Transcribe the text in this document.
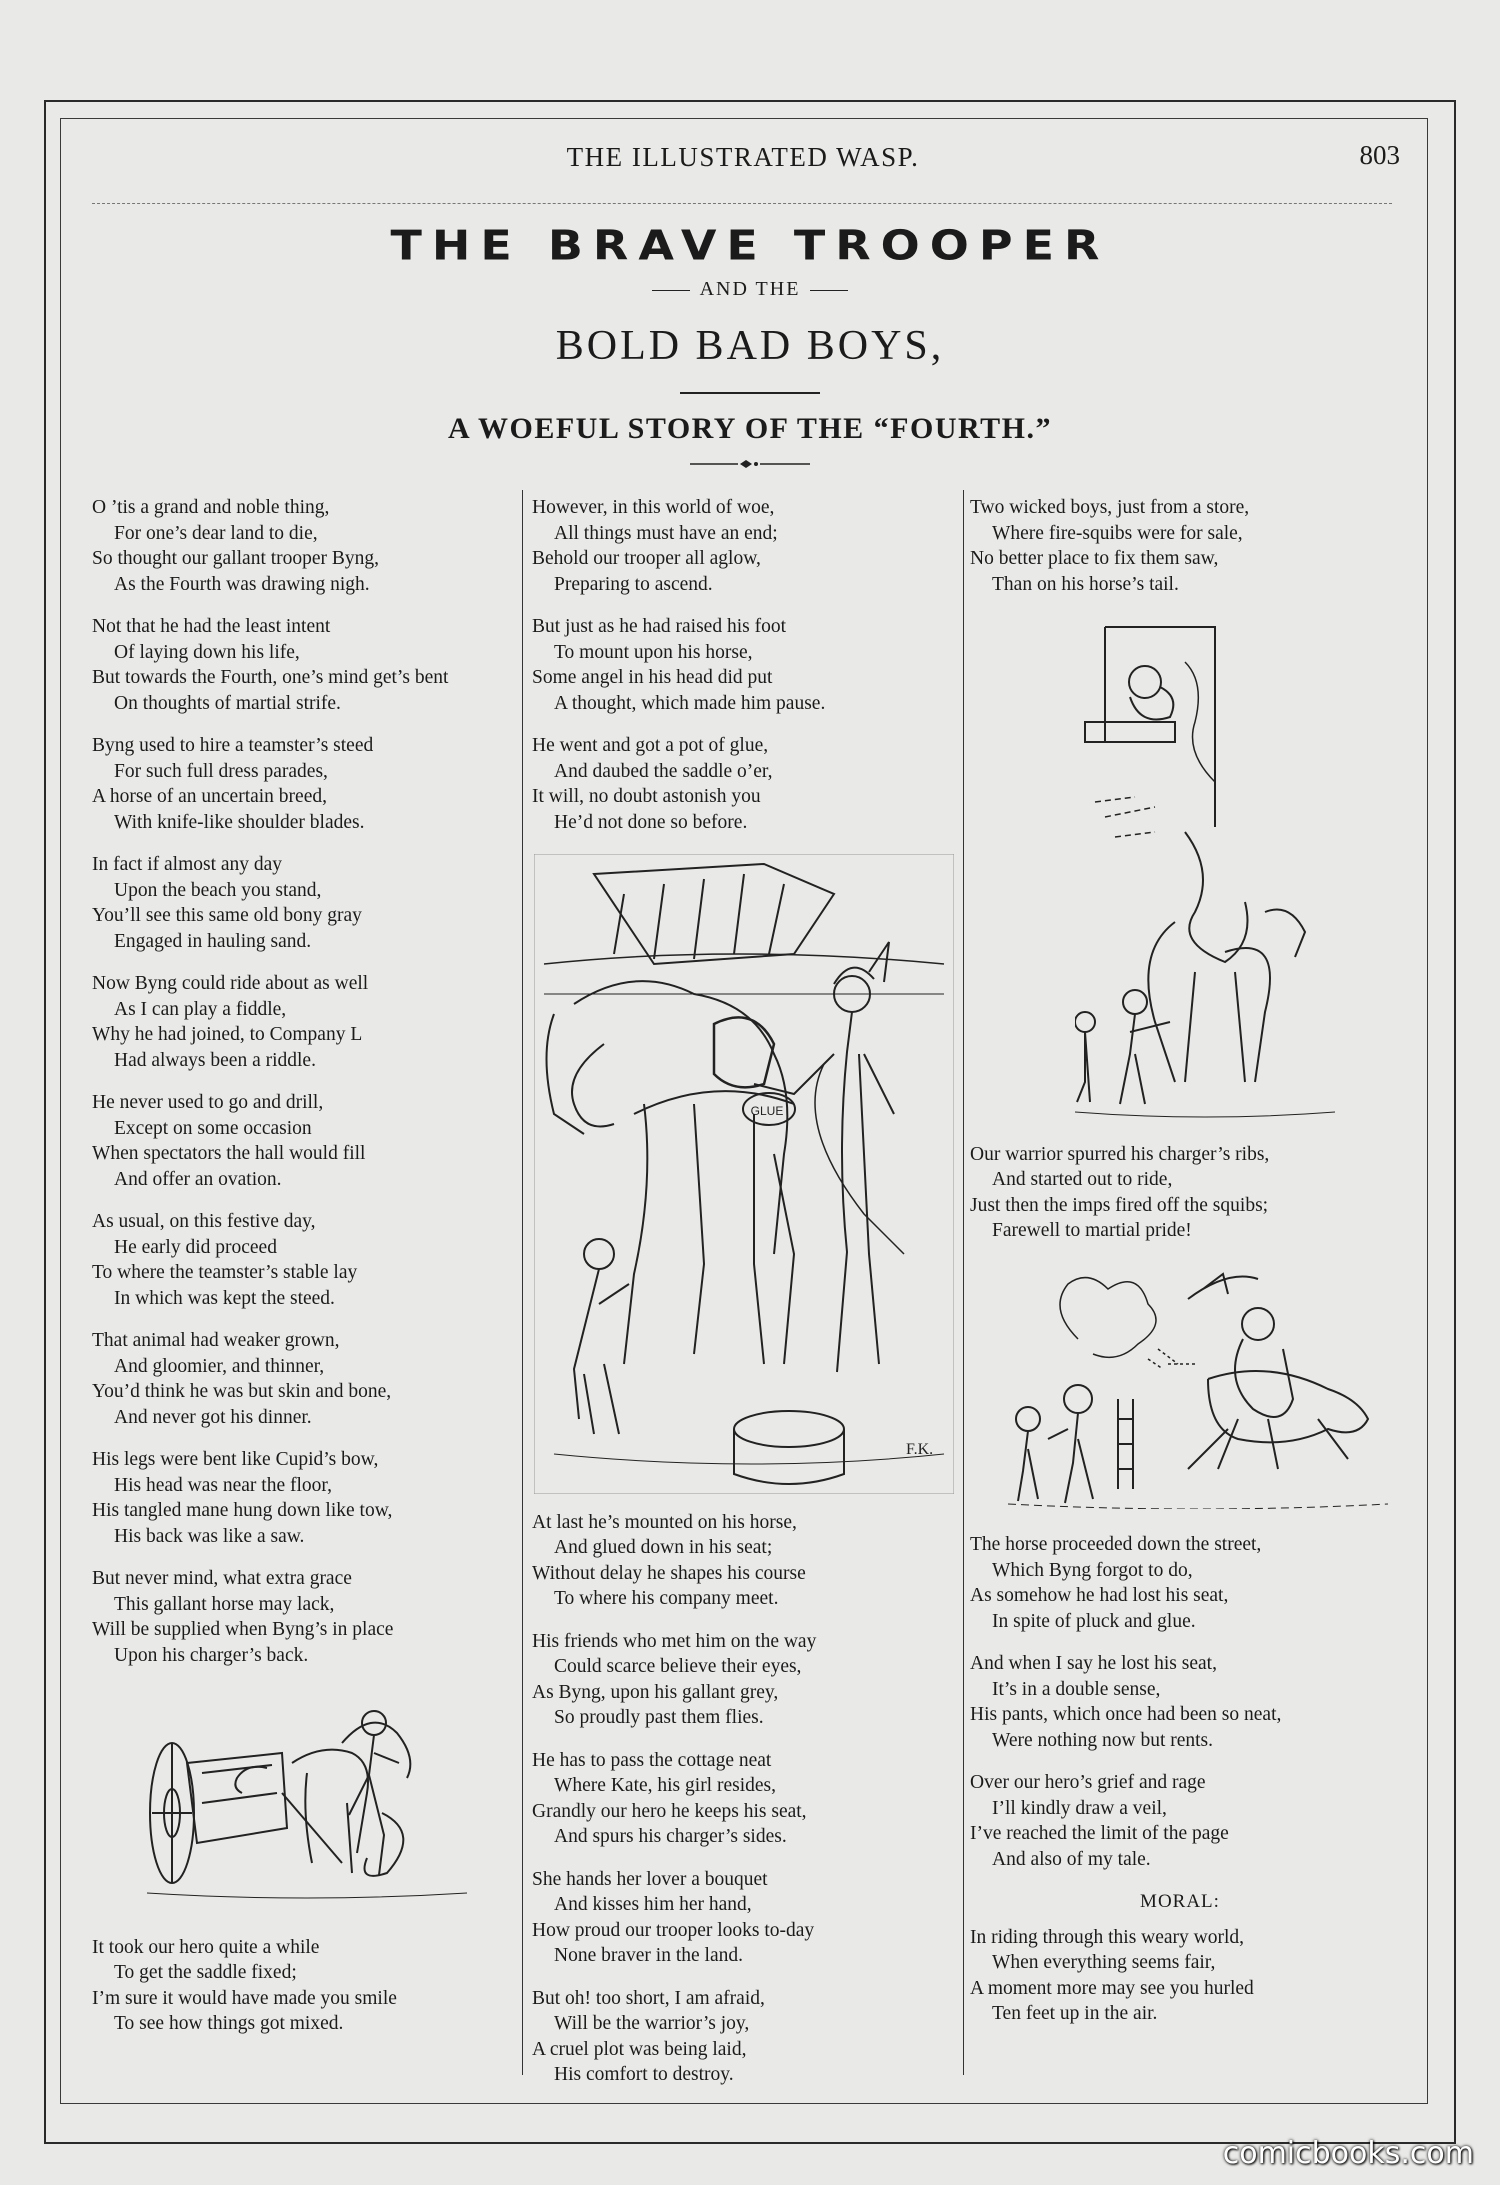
THE ILLUSTRATED WASP.	803
THE BRAVE TROOPER
AND THE
BOLD BAD BOYS,
A WOEFUL STORY OF THE “FOURTH.”
O ’tis a grand and noble thing,
For one’s dear land to die,
So thought our gallant trooper Byng,
As the Fourth was drawing nigh.
Not that he had the least intent
Of laying down his life,
But towards the Fourth, one’s mind get’s bent
On thoughts of martial strife.
Byng used to hire a teamster’s steed
For such full dress parades,
A horse of an uncertain breed,
With knife-like shoulder blades.
In fact if almost any day
Upon the beach you stand,
You’ll see this same old bony gray
Engaged in hauling sand.
Now Byng could ride about as well
As I can play a fiddle,
Why he had joined, to Company L
Had always been a riddle.
He never used to go and drill,
Except on some occasion
When spectators the hall would fill
And offer an ovation.
As usual, on this festive day,
He early did proceed
To where the teamster’s stable lay
In which was kept the steed.
That animal had weaker grown,
And gloomier, and thinner,
You’d think he was but skin and bone,
And never got his dinner.
His legs were bent like Cupid’s bow,
His head was near the floor,
His tangled mane hung down like tow,
His back was like a saw.
But never mind, what extra grace
This gallant horse may lack,
Will be supplied when Byng’s in place
Upon his charger’s back.
It took our hero quite a while
To get the saddle fixed;
I’m sure it would have made you smile
To see how things got mixed.
However, in this world of woe,
All things must have an end;
Behold our trooper all aglow,
Preparing to ascend.
But just as he had raised his foot
To mount upon his horse,
Some angel in his head did put
A thought, which made him pause.
He went and got a pot of glue,
And daubed the saddle o’er,
It will, no doubt astonish you
He’d not done so before.
GLUE
F.K.
At last he’s mounted on his horse,
And glued down in his seat;
Without delay he shapes his course
To where his company meet.
His friends who met him on the way
Could scarce believe their eyes,
As Byng, upon his gallant grey,
So proudly past them flies.
He has to pass the cottage neat
Where Kate, his girl resides,
Grandly our hero he keeps his seat,
And spurs his charger’s sides.
She hands her lover a bouquet
And kisses him her hand,
How proud our trooper looks to-day
None braver in the land.
But oh! too short, I am afraid,
Will be the warrior’s joy,
A cruel plot was being laid,
His comfort to destroy.
Two wicked boys, just from a store,
Where fire-squibs were for sale,
No better place to fix them saw,
Than on his horse’s tail.
Our warrior spurred his charger’s ribs,
And started out to ride,
Just then the imps fired off the squibs;
Farewell to martial pride!
The horse proceeded down the street,
Which Byng forgot to do,
As somehow he had lost his seat,
In spite of pluck and glue.
And when I say he lost his seat,
It’s in a double sense,
His pants, which once had been so neat,
Were nothing now but rents.
Over our hero’s grief and rage
I’ll kindly draw a veil,
I’ve reached the limit of the page
And also of my tale.
MORAL:
In riding through this weary world,
When everything seems fair,
A moment more may see you hurled
Ten feet up in the air.
comicbooks.com
